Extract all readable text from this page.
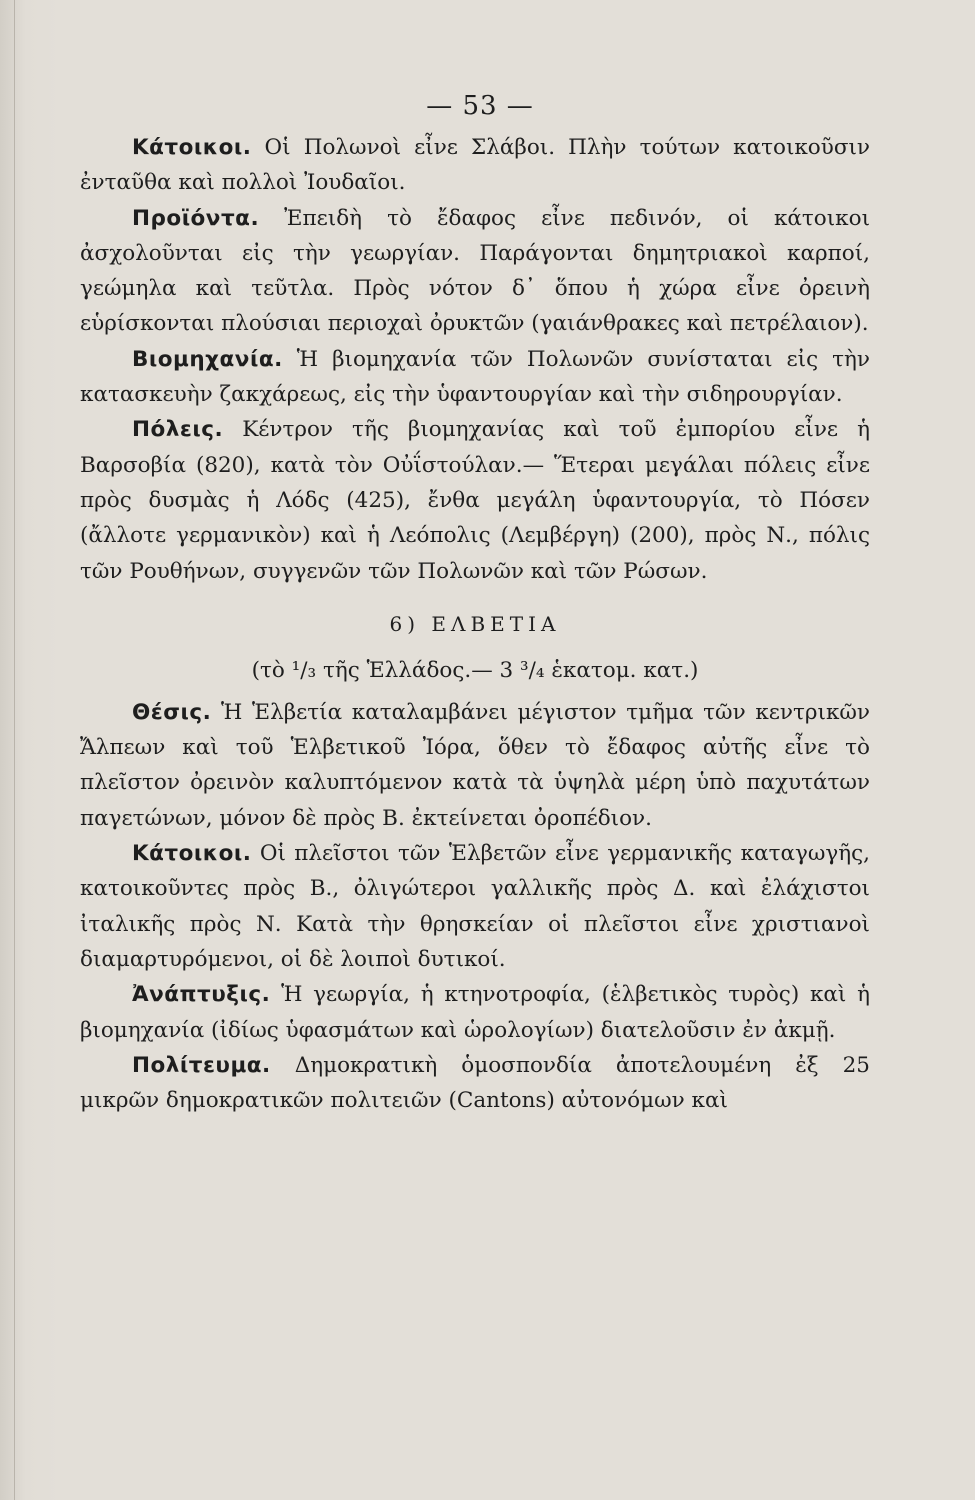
— 53 —

Κάτοικοι. Οἱ Πολωνοὶ εἶνε Σλάβοι. Πλὴν τούτων κατοικοῦσιν ἐνταῦθα καὶ πολλοὶ Ἰουδαῖοι.

Προϊόντα. Ἐπειδὴ τὸ ἔδαφος εἶνε πεδινόν, οἱ κάτοικοι ἀσχολοῦνται εἰς τὴν γεωργίαν. Παράγονται δημητριακοὶ καρποί, γεώμηλα καὶ τεῦτλα. Πρὸς νότον δ᾽ ὅπου ἡ χώρα εἶνε ὀρεινὴ εὑρίσκονται πλούσιαι περιοχαὶ ὀρυκτῶν (γαιάνθρακες καὶ πετρέλαιον).

Βιομηχανία. Ἡ βιομηχανία τῶν Πολωνῶν συνίσταται εἰς τὴν κατασκευὴν ζακχάρεως, εἰς τὴν ὑφαντουργίαν καὶ τὴν σιδηρουργίαν.

Πόλεις. Κέντρον τῆς βιομηχανίας καὶ τοῦ ἐμπορίου εἶνε ἡ Βαρσοβία (820), κατὰ τὸν Οὐΐστούλαν.— Ἕτεραι μεγάλαι πόλεις εἶνε πρὸς δυσμὰς ἡ Λόδς (425), ἔνθα μεγάλη ὑφαντουργία, τὸ Πόσεν (ἄλλοτε γερμανικὸν) καὶ ἡ Λεόπολις (Λεμβέργη) (200), πρὸς Ν., πόλις τῶν Ρουθήνων, συγγενῶν τῶν Πολωνῶν καὶ τῶν Ρώσων.

6) ΕΛΒΕΤΙΑ
(τὸ ¹/₃ τῆς Ἑλλάδος.— 3 ³/₄ ἑκατομ. κατ.)

Θέσις. Ἡ Ἑλβετία καταλαμβάνει μέγιστον τμῆμα τῶν κεντρικῶν Ἄλπεων καὶ τοῦ Ἑλβετικοῦ Ἰόρα, ὅθεν τὸ ἔδαφος αὐτῆς εἶνε τὸ πλεῖστον ὀρεινὸν καλυπτόμενον κατὰ τὰ ὑψηλὰ μέρη ὑπὸ παχυτάτων παγετώνων, μόνον δὲ πρὸς Β. ἐκτείνεται ὀροπέδιον.

Κάτοικοι. Οἱ πλεῖστοι τῶν Ἑλβετῶν εἶνε γερμανικῆς καταγωγῆς, κατοικοῦντες πρὸς Β., ὀλιγώτεροι γαλλικῆς πρὸς Δ. καὶ ἐλάχιστοι ἰταλικῆς πρὸς Ν. Κατὰ τὴν θρησκείαν οἱ πλεῖστοι εἶνε χριστιανοὶ διαμαρτυρόμενοι, οἱ δὲ λοιποὶ δυτικοί.

Ἀνάπτυξις. Ἡ γεωργία, ἡ κτηνοτροφία, (ἑλβετικὸς τυρὸς) καὶ ἡ βιομηχανία (ἰδίως ὑφασμάτων καὶ ὡρολογίων) διατελοῦσιν ἐν ἀκμῇ.

Πολίτευμα. Δημοκρατικὴ ὁμοσπονδία ἀποτελουμένη ἐξ 25 μικρῶν δημοκρατικῶν πολιτειῶν (Cantons) αὐτονόμων καὶ
